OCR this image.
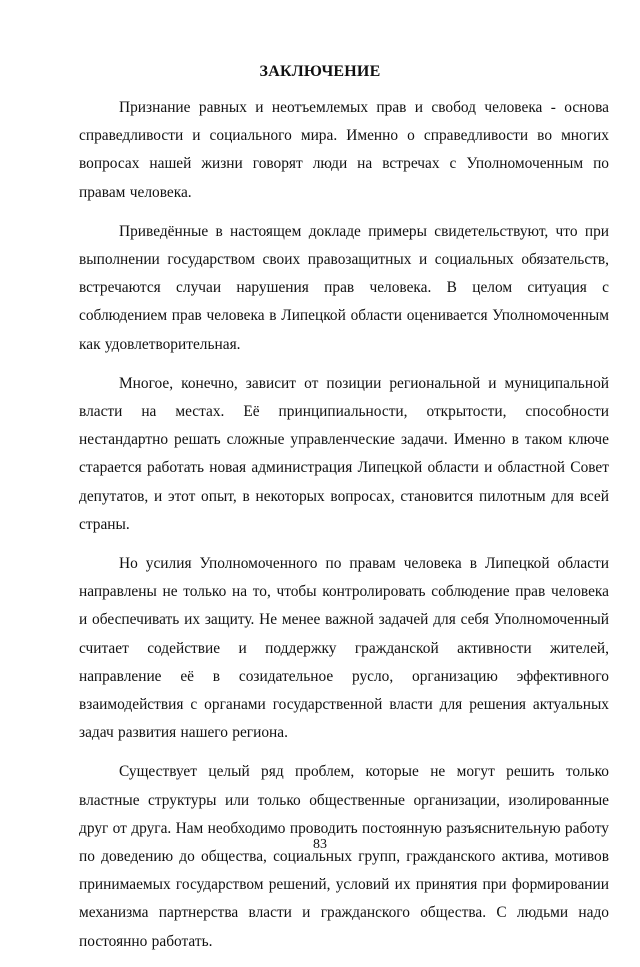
ЗАКЛЮЧЕНИЕ

Признание равных и неотъемлемых прав и свобод человека - основа справедливости и социального мира. Именно о справедливости во многих вопросах нашей жизни говорят люди на встречах с Уполномоченным по правам человека.

Приведённые в настоящем докладе примеры свидетельствуют, что при выполнении государством своих правозащитных и социальных обязательств, встречаются случаи нарушения прав человека. В целом ситуация с соблюдением прав человека в Липецкой области оценивается Уполномоченным как удовлетворительная.

Многое, конечно, зависит от позиции региональной и муниципальной власти на местах. Её принципиальности, открытости, способности нестандартно решать сложные управленческие задачи. Именно в таком ключе старается работать новая администрация Липецкой области и областной Совет депутатов, и этот опыт, в некоторых вопросах, становится пилотным для всей страны.

Но усилия Уполномоченного по правам человека в Липецкой области направлены не только на то, чтобы контролировать соблюдение прав человека и обеспечивать их защиту. Не менее важной задачей для себя Уполномоченный считает содействие и поддержку гражданской активности жителей, направление её в созидательное русло, организацию эффективного взаимодействия с органами государственной власти для решения актуальных задач развития нашего региона.

Существует целый ряд проблем, которые не могут решить только властные структуры или только общественные организации, изолированные друг от друга. Нам необходимо проводить постоянную разъяснительную работу по доведению до общества, социальных групп, гражданского актива, мотивов принимаемых государством решений, условий их принятия при формировании механизма партнерства власти и гражданского общества. С людьми надо постоянно работать.

83
